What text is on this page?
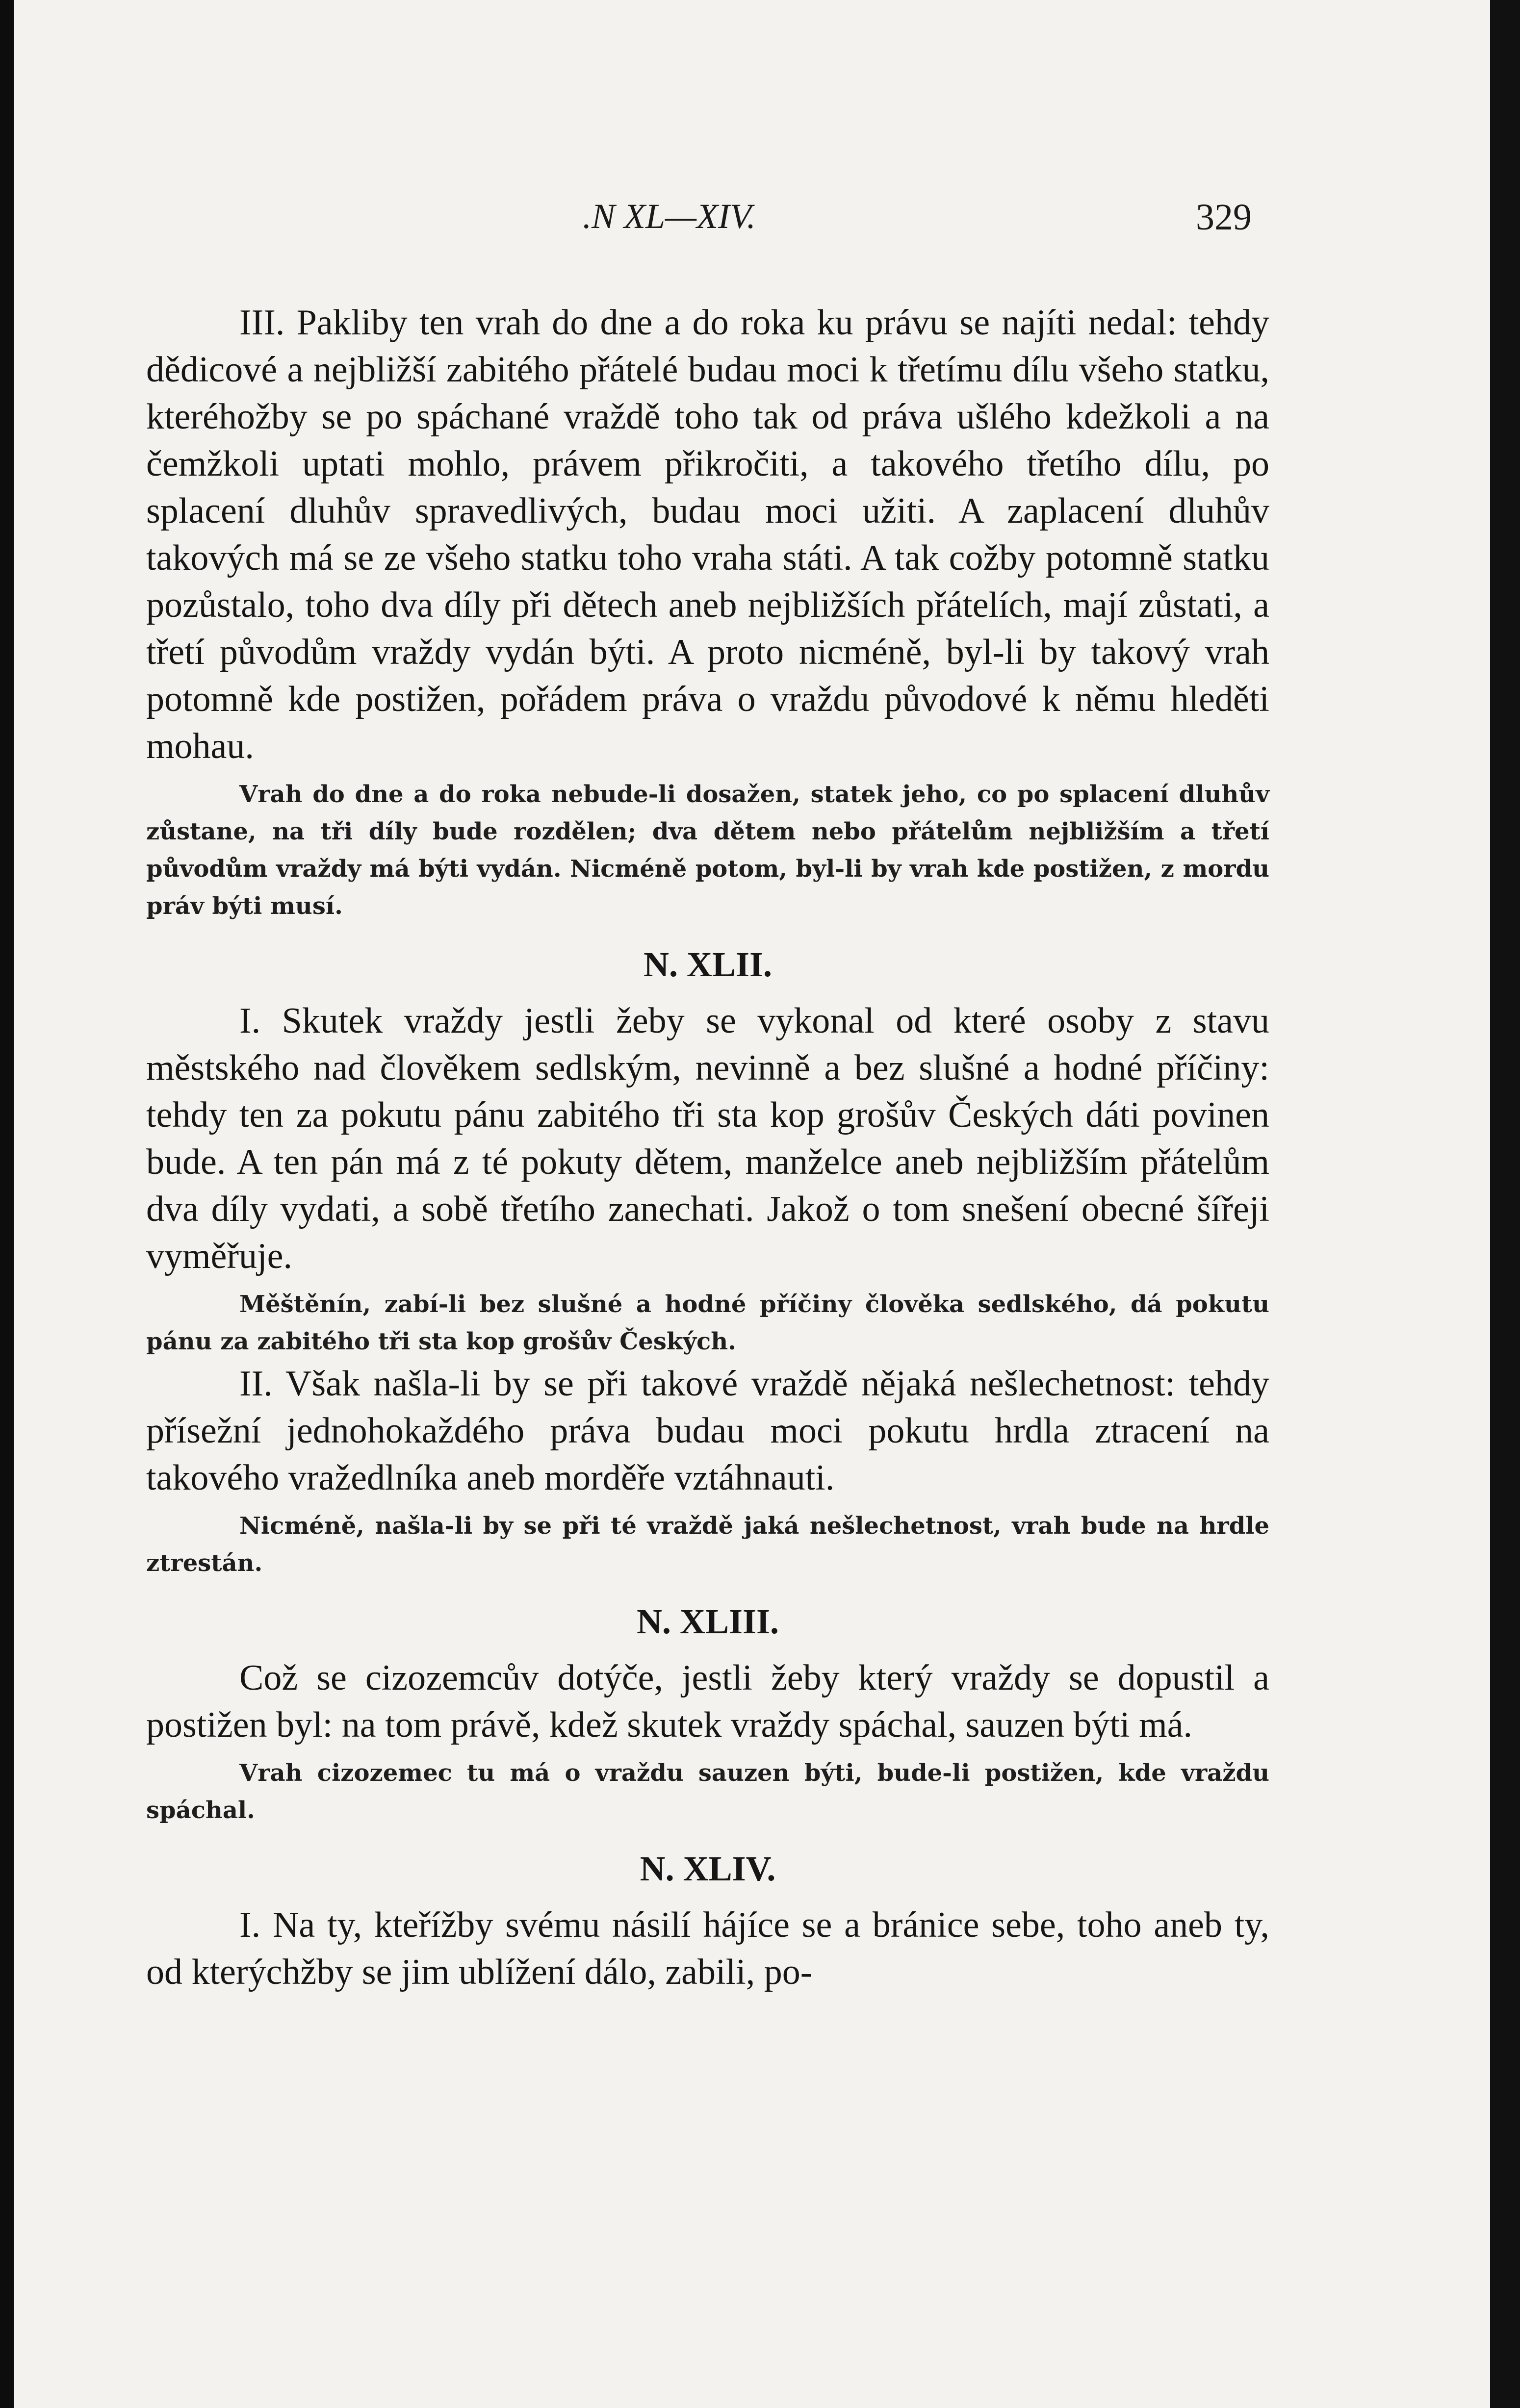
.N XL—XIV.	329

III. Pakliby ten vrah do dne a do roka ku právu se najíti nedal: tehdy dědicové a nejbližší zabitého přátelé budau moci k třetímu dílu všeho statku, kteréhožby se po spáchané vraždě toho tak od práva ušlého kdežkoli a na čemžkoli uptati mohlo, právem přikročiti, a takového třetího dílu, po splacení dluhův spravedlivých, budau moci užiti. A zaplacení dluhův takových má se ze všeho statku toho vraha státi. A tak cožby potomně statku pozůstalo, toho dva díly při dětech aneb nejbližších přátelích, mají zůstati, a třetí původům vraždy vydán býti. A proto nicméně, byl-li by takový vrah potomně kde postižen, pořádem práva o vraždu původové k němu hleděti mohau.

Vrah do dne a do roka nebude-li dosažen, statek jeho, co po splacení dluhův zůstane, na tři díly bude rozdělen; dva dětem nebo přátelům nejbližším a třetí původům vraždy má býti vydán. Nicméně potom, byl-li by vrah kde postižen, z mordu práv býti musí.

N. XLII.

I. Skutek vraždy jestli žeby se vykonal od které osoby z stavu městského nad člověkem sedlským, nevinně a bez slušné a hodné příčiny: tehdy ten za pokutu pánu zabitého tři sta kop grošův Českých dáti povinen bude. A ten pán má z té pokuty dětem, manželce aneb nejbližším přátelům dva díly vydati, a sobě třetího zanechati. Jakož o tom snešení obecné šířeji vyměřuje.

Měštěnín, zabí-li bez slušné a hodné příčiny člověka sedlského, dá pokutu pánu za zabitého tři sta kop grošův Českých.

II. Však našla-li by se při takové vraždě nějaká nešlechetnost: tehdy přísežní jednohokaždého práva budau moci pokutu hrdla ztracení na takového vražedlníka aneb morděře vztáhnauti.

Nicméně, našla-li by se při té vraždě jaká nešlechetnost, vrah bude na hrdle ztrestán.

N. XLIII.

Což se cizozemcův dotýče, jestli žeby který vraždy se dopustil a postižen byl: na tom právě, kdež skutek vraždy spáchal, sauzen býti má.

Vrah cizozemec tu má o vraždu sauzen býti, bude-li postižen, kde vraždu spáchal.

N. XLIV.

I. Na ty, kteřížby svému násilí hájíce se a bránice sebe, toho aneb ty, od kterýchžby se jim ublížení dálo, zabili, po-
